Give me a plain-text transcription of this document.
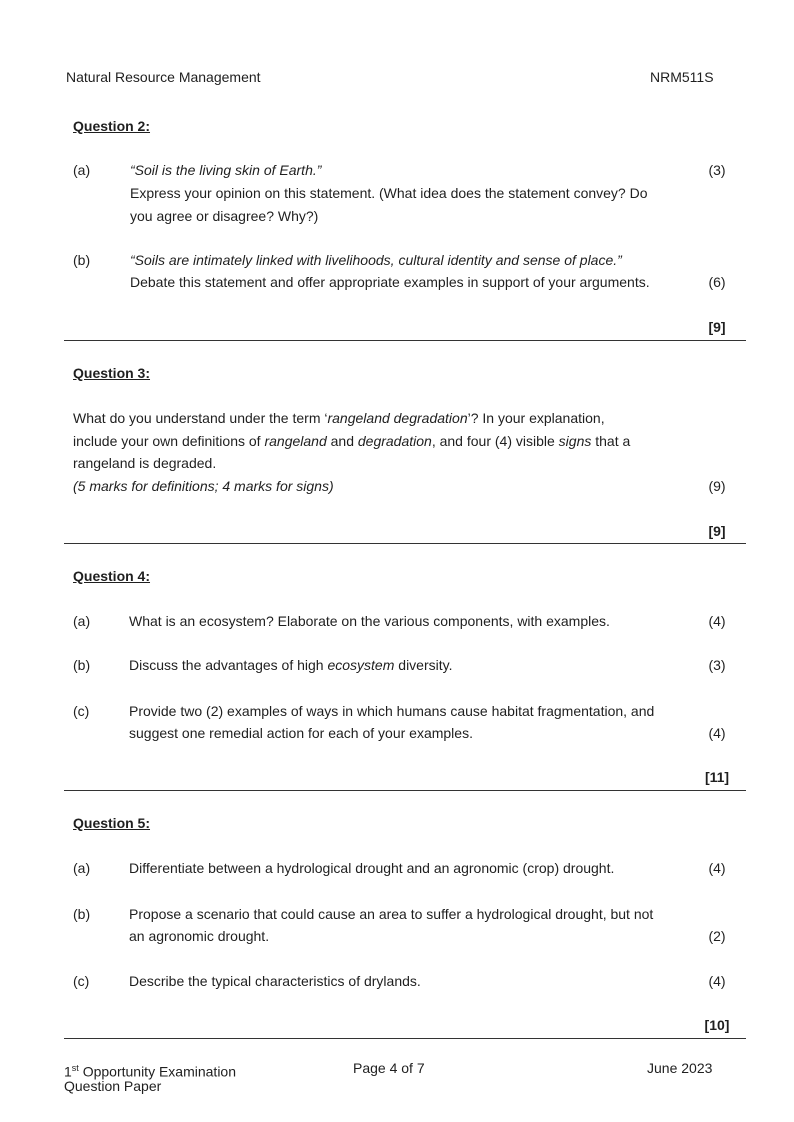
Natural Resource Management	NRM511S
Question 2:
(a)	“Soil is the living skin of Earth.”	(3)
Express your opinion on this statement. (What idea does the statement convey? Do
you agree or disagree? Why?)
(b)	“Soils are intimately linked with livelihoods, cultural identity and sense of place.”
Debate this statement and offer appropriate examples in support of your arguments.	(6)
[9]
Question 3:
What do you understand under the term ‘rangeland degradation’? In your explanation,
include your own definitions of rangeland and degradation, and four (4) visible signs that a
rangeland is degraded.
(5 marks for definitions; 4 marks for signs)	(9)
[9]
Question 4:
(a)	What is an ecosystem? Elaborate on the various components, with examples.	(4)
(b)	Discuss the advantages of high ecosystem diversity.	(3)
(c)	Provide two (2) examples of ways in which humans cause habitat fragmentation, and
suggest one remedial action for each of your examples.	(4)
[11]
Question 5:
(a)	Differentiate between a hydrological drought and an agronomic (crop) drought.	(4)
(b)	Propose a scenario that could cause an area to suffer a hydrological drought, but not
an agronomic drought.	(2)
(c)	Describe the typical characteristics of drylands.	(4)
[10]
1st Opportunity Examination
Question Paper
Page 4 of 7	June 2023
